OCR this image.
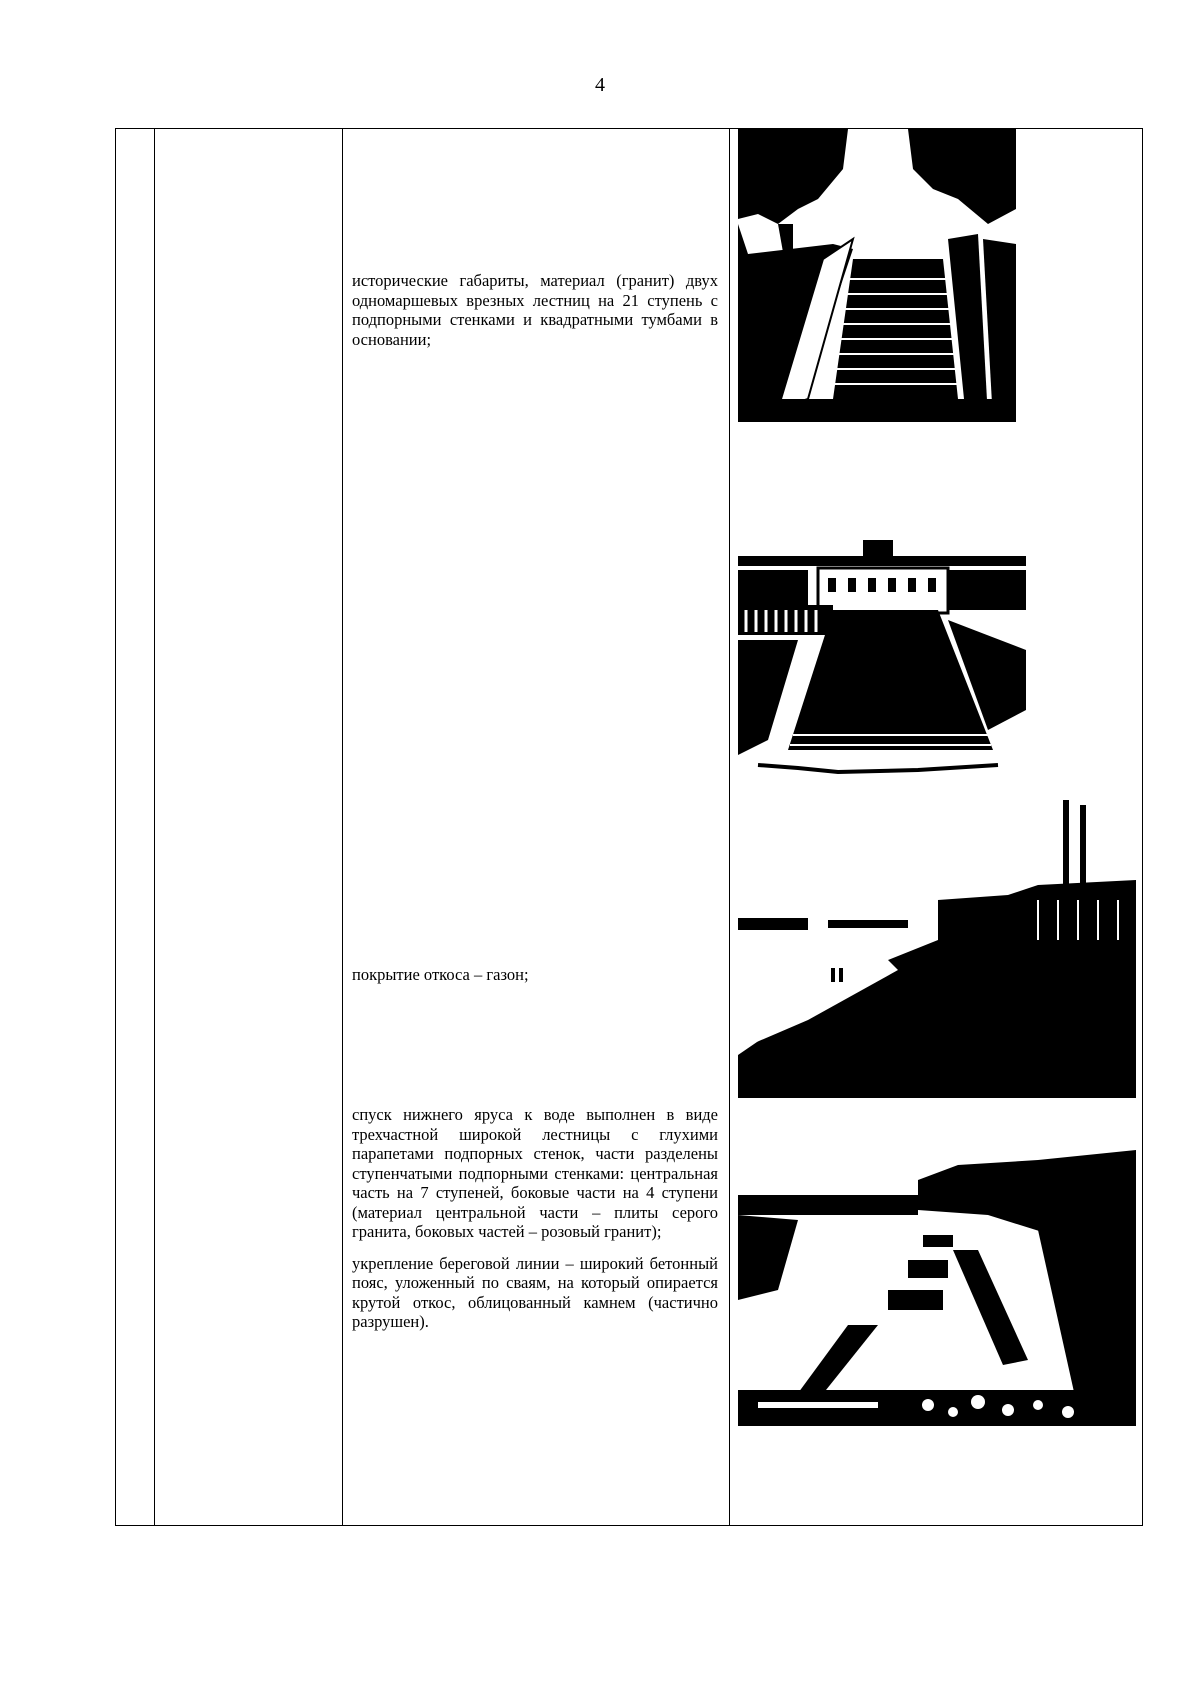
4

исторические габариты, материал (гранит) двух одномаршевых врезных лестниц на 21 ступень с подпорными стенками и квадратными тумбами в основании;

покрытие откоса – газон;

спуск нижнего яруса к воде выполнен в виде трехчастной широкой лестницы с глухими парапетами подпорных стенок, части разделены ступенчатыми подпорными стенками: центральная часть на 7 ступеней, боковые части на 4 ступени (материал центральной части – плиты серого гранита, боковых частей – розовый гранит);

укрепление береговой линии – широкий бетонный пояс, уложенный по сваям, на который опирается крутой откос, облицованный камнем (частично разрушен).
